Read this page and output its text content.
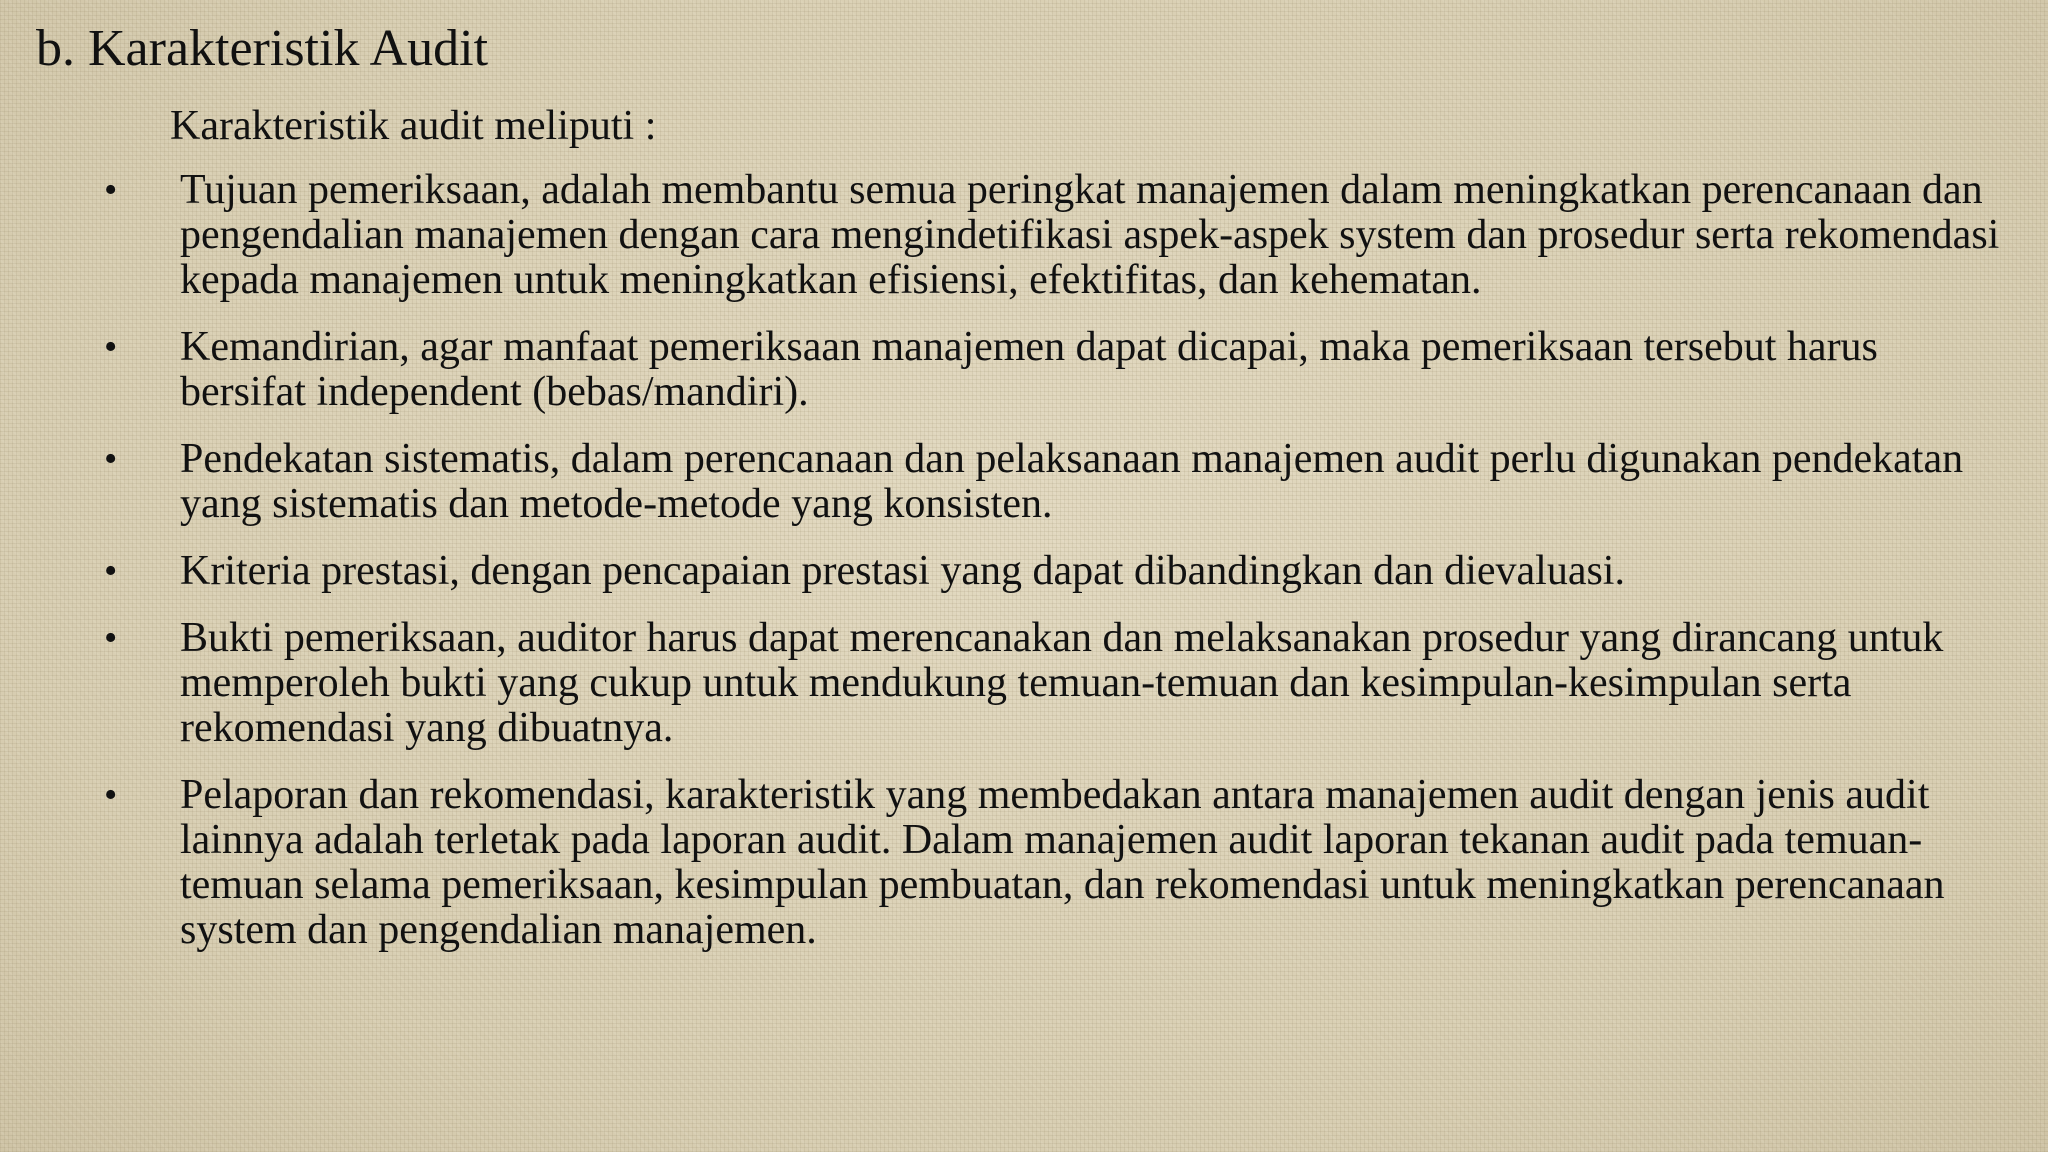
b. Karakteristik Audit

Karakteristik audit meliputi :

• Tujuan pemeriksaan, adalah membantu semua peringkat manajemen dalam meningkatkan perencanaan dan pengendalian manajemen dengan cara mengindetifikasi aspek-aspek system dan prosedur serta rekomendasi kepada manajemen untuk meningkatkan efisiensi, efektifitas, dan kehematan.
• Kemandirian, agar manfaat pemeriksaan manajemen dapat dicapai, maka pemeriksaan tersebut harus bersifat independent (bebas/mandiri).
• Pendekatan sistematis, dalam perencanaan dan pelaksanaan manajemen audit perlu digunakan pendekatan yang sistematis dan metode-metode yang konsisten.
• Kriteria prestasi, dengan pencapaian prestasi yang dapat dibandingkan dan dievaluasi.
• Bukti pemeriksaan, auditor harus dapat merencanakan dan melaksanakan prosedur yang dirancang untuk memperoleh bukti yang cukup untuk mendukung temuan-temuan dan kesimpulan-kesimpulan serta rekomendasi yang dibuatnya.
• Pelaporan dan rekomendasi, karakteristik yang membedakan antara manajemen audit dengan jenis audit lainnya adalah terletak pada laporan audit. Dalam manajemen audit laporan tekanan audit pada temuan-temuan selama pemeriksaan, kesimpulan pembuatan, dan rekomendasi untuk meningkatkan perencanaan system dan pengendalian manajemen.
